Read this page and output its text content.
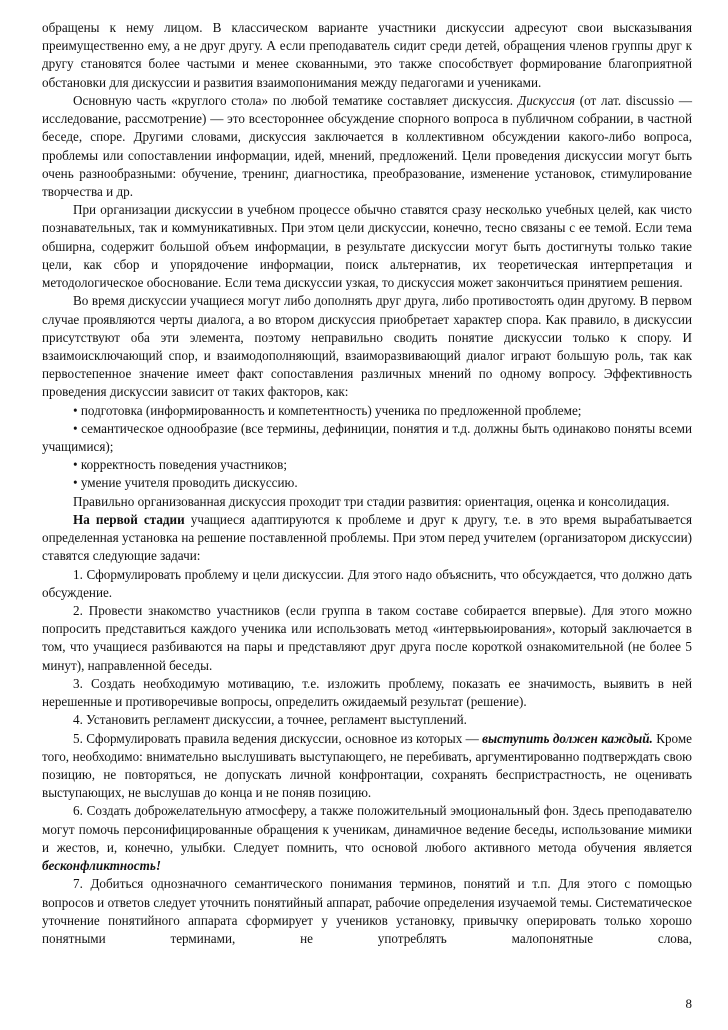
обращены к нему лицом. В классическом варианте участники дискуссии адресуют свои высказывания преимущественно ему, а не друг другу. А если преподаватель сидит среди детей, обращения членов группы друг к другу становятся более частыми и менее скованными, это также способствует формирование благоприятной обстановки для дискуссии и развития взаимопонимания между педагогами и учениками.

Основную часть «круглого стола» по любой тематике составляет дискуссия. Дискуссия (от лат. discussio — исследование, рассмотрение) — это всестороннее обсуждение спорного вопроса в публичном собрании, в частной беседе, споре. Другими словами, дискуссия заключается в коллективном обсуждении какого-либо вопроса, проблемы или сопоставлении информации, идей, мнений, предложений. Цели проведения дискуссии могут быть очень разнообразными: обучение, тренинг, диагностика, преобразование, изменение установок, стимулирование творчества и др.

При организации дискуссии в учебном процессе обычно ставятся сразу несколько учебных целей, как чисто познавательных, так и коммуникативных. При этом цели дискуссии, конечно, тесно связаны с ее темой. Если тема обширна, содержит большой объем информации, в результате дискуссии могут быть достигнуты только такие цели, как сбор и упорядочение информации, поиск альтернатив, их теоретическая интерпретация и методологическое обоснование. Если тема дискуссии узкая, то дискуссия может закончиться принятием решения.

Во время дискуссии учащиеся могут либо дополнять друг друга, либо противостоять один другому. В первом случае проявляются черты диалога, а во втором дискуссия приобретает характер спора. Как правило, в дискуссии присутствуют оба эти элемента, поэтому неправильно сводить понятие дискуссии только к спору. И взаимоисключающий спор, и взаимодополняющий, взаиморазвивающий диалог играют большую роль, так как первостепенное значение имеет факт сопоставления различных мнений по одному вопросу. Эффективность проведения дискуссии зависит от таких факторов, как:

• подготовка (информированность и компетентность) ученика по предложенной проблеме;

• семантическое однообразие (все термины, дефиниции, понятия и т.д. должны быть одинаково поняты всеми учащимися);

• корректность поведения участников;

• умение учителя проводить дискуссию.

Правильно организованная дискуссия проходит три стадии развития: ориентация, оценка и консолидация.

На первой стадии учащиеся адаптируются к проблеме и друг к другу, т.е. в это время вырабатывается определенная установка на решение поставленной проблемы. При этом перед учителем (организатором дискуссии) ставятся следующие задачи:

1. Сформулировать проблему и цели дискуссии. Для этого надо объяснить, что обсуждается, что должно дать обсуждение.

2. Провести знакомство участников (если группа в таком составе собирается впервые). Для этого можно попросить представиться каждого ученика или использовать метод «интервьюирования», который заключается в том, что учащиеся разбиваются на пары и представляют друг друга после короткой ознакомительной (не более 5 минут), направленной беседы.

3. Создать необходимую мотивацию, т.е. изложить проблему, показать ее значимость, выявить в ней нерешенные и противоречивые вопросы, определить ожидаемый результат (решение).

4. Установить регламент дискуссии, а точнее, регламент выступлений.

5. Сформулировать правила ведения дискуссии, основное из которых — выступить должен каждый. Кроме того, необходимо: внимательно выслушивать выступающего, не перебивать, аргументированно подтверждать свою позицию, не повторяться, не допускать личной конфронтации, сохранять беспристрастность, не оценивать выступающих, не выслушав до конца и не поняв позицию.

6. Создать доброжелательную атмосферу, а также положительный эмоциональный фон. Здесь преподавателю могут помочь персонифицированные обращения к ученикам, динамичное ведение беседы, использование мимики и жестов, и, конечно, улыбки. Следует помнить, что основой любого активного метода обучения является бесконфликтность!

7. Добиться однозначного семантического понимания терминов, понятий и т.п. Для этого с помощью вопросов и ответов следует уточнить понятийный аппарат, рабочие определения изучаемой темы. Систематическое уточнение понятийного аппарата сформирует у учеников установку, привычку оперировать только хорошо понятными терминами, не употреблять малопонятные слова,

8
